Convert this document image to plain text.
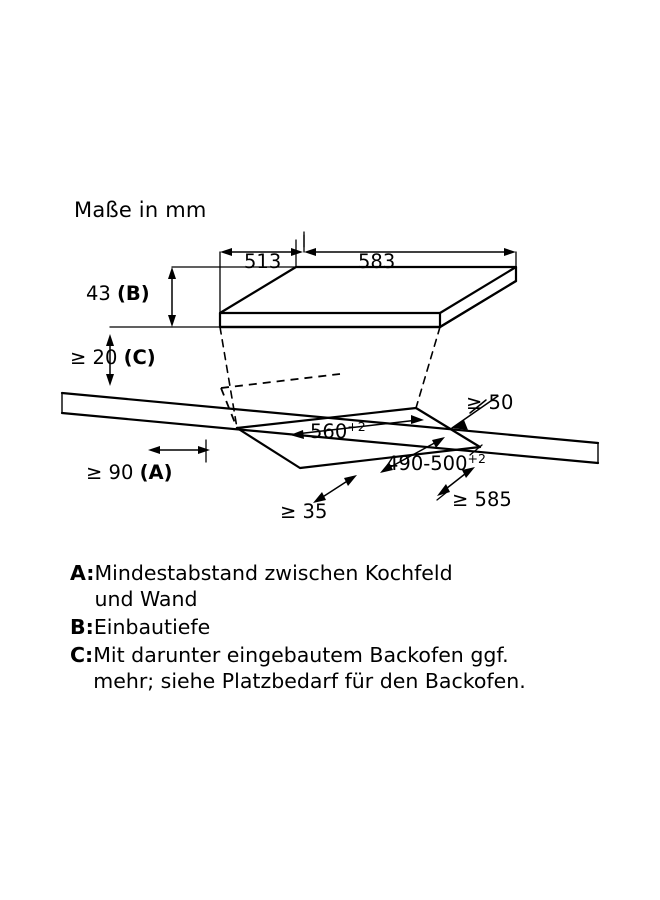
Maße in mm
513	583
43 (B)
≥ 20 (C)
≥ 50
$560^{+2}$
$490-500^{+2}$
≥ 90 (A)
≥ 35
≥ 585
A: Mindestabstand zwischen Kochfeld
und Wand
B: Einbautiefe
C: Mit darunter eingebautem Backofen ggf.
mehr; siehe Platzbedarf für den Backofen.
